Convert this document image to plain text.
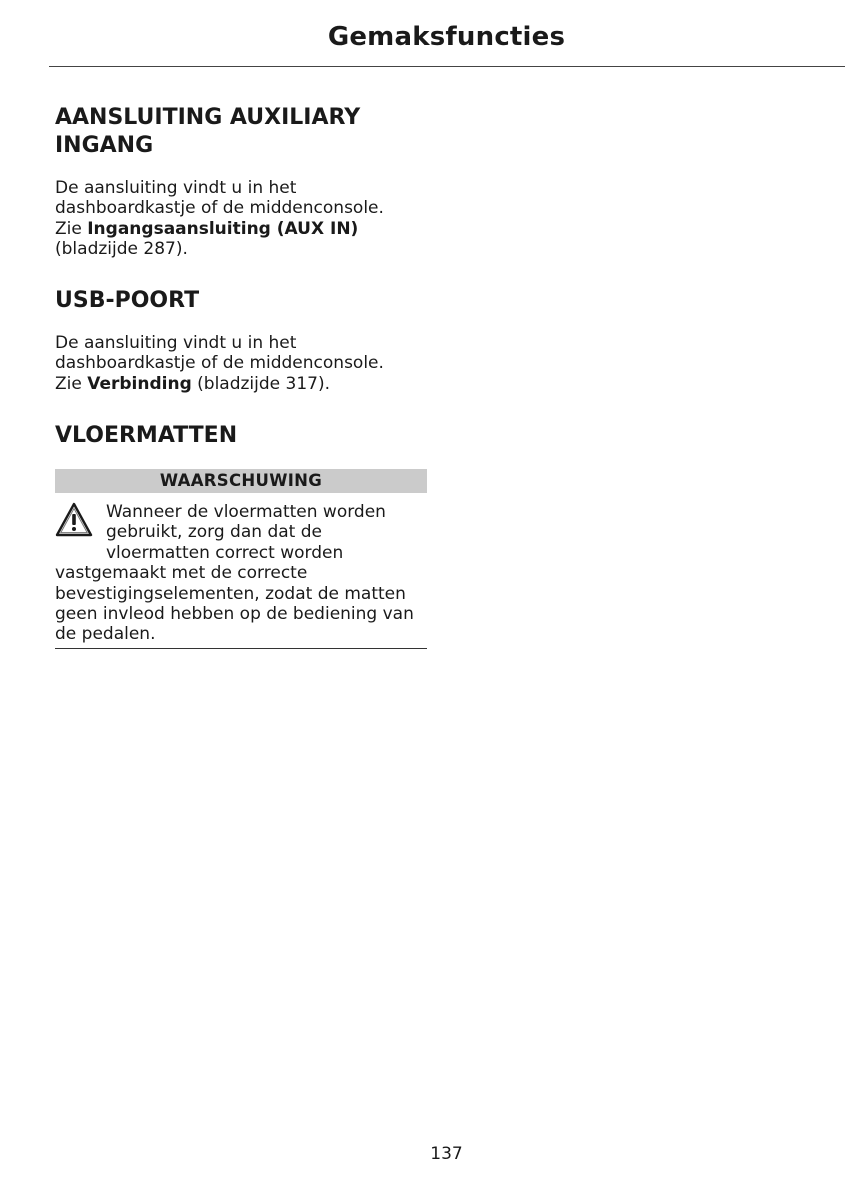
Gemaksfuncties
AANSLUITING AUXILIARY
INGANG

De aansluiting vindt u in het
dashboardkastje of de middenconsole.
Zie Ingangsaansluiting (AUX IN)
(bladzijde 287).

USB-POORT

De aansluiting vindt u in het
dashboardkastje of de middenconsole.
Zie Verbinding (bladzijde 317).

VLOERMATTEN
WAARSCHUWING

Wanneer de vloermatten worden
gebruikt, zorg dan dat de
vloermatten correct worden
vastgemaakt met de correcte
bevestigingselementen, zodat de matten
geen invleod hebben op de bediening van
de pedalen.

137
